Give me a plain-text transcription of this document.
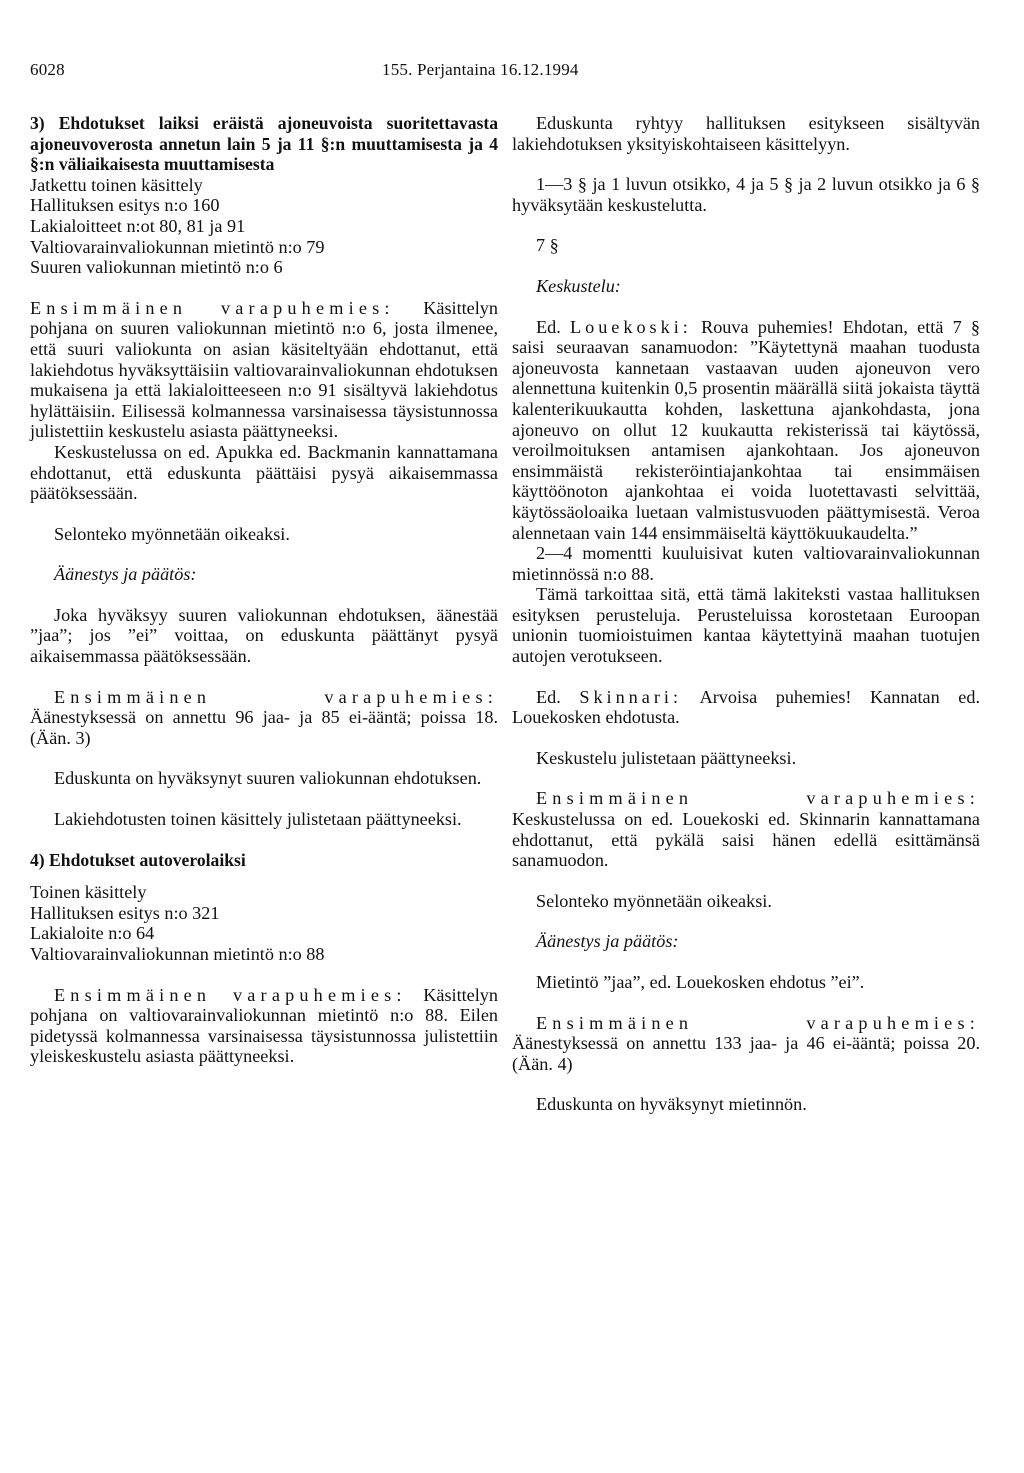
6028	155. Perjantaina 16.12.1994

3) Ehdotukset laiksi eräistä ajoneuvoista suoritettavasta ajoneuvoverosta annetun lain 5 ja 11 §:n muuttamisesta ja 4 §:n väliaikaisesta muuttamisesta

Jatkettu toinen käsittely

Hallituksen esitys n:o 160

Lakialoitteet n:ot 80, 81 ja 91

Valtiovarainvaliokunnan mietintö n:o 79

Suuren valiokunnan mietintö n:o 6

Ensimmäinen varapuhemies: Käsittelyn pohjana on suuren valiokunnan mietintö n:o 6, josta ilmenee, että suuri valiokunta on asian käsiteltyään ehdottanut, että lakiehdotus hyväksyttäisiin valtiovarainvaliokunnan ehdotuksen mukaisena ja että lakialoitteeseen n:o 91 sisältyvä lakiehdotus hylättäisiin. Eilisessä kolmannessa varsinaisessa täysistunnossa julistettiin keskustelu asiasta päättyneeksi.

Keskustelussa on ed. Apukka ed. Backmanin kannattamana ehdottanut, että eduskunta päättäisi pysyä aikaisemmassa päätöksessään.

Selonteko myönnetään oikeaksi.

Äänestys ja päätös:

Joka hyväksyy suuren valiokunnan ehdotuksen, äänestää ”jaa”; jos ”ei” voittaa, on eduskunta päättänyt pysyä aikaisemmassa päätöksessään.

Ensimmäinen varapuhemies: Äänestyksessä on annettu 96 jaa- ja 85 ei-ääntä; poissa 18. (Ään. 3)

Eduskunta on hyväksynyt suuren valiokunnan ehdotuksen.

Lakiehdotusten toinen käsittely julistetaan päättyneeksi.

4) Ehdotukset autoverolaiksi

Toinen käsittely

Hallituksen esitys n:o 321

Lakialoite n:o 64

Valtiovarainvaliokunnan mietintö n:o 88

Ensimmäinen varapuhemies: Käsittelyn pohjana on valtiovarainvaliokunnan mietintö n:o 88. Eilen pidetyssä kolmannessa varsinaisessa täysistunnossa julistettiin yleiskeskustelu asiasta päättyneeksi.

Eduskunta ryhtyy hallituksen esitykseen sisältyvän lakiehdotuksen yksityiskohtaiseen käsittelyyn.

1—3 § ja 1 luvun otsikko, 4 ja 5 § ja 2 luvun otsikko ja 6 § hyväksytään keskustelutta.

7 §

Keskustelu:

Ed. Louekoski: Rouva puhemies! Ehdotan, että 7 § saisi seuraavan sanamuodon: ”Käytettynä maahan tuodusta ajoneuvosta kannetaan vastaavan uuden ajoneuvon vero alennettuna kuitenkin 0,5 prosentin määrällä siitä jokaista täyttä kalenterikuukautta kohden, laskettuna ajankohdasta, jona ajoneuvo on ollut 12 kuukautta rekisterissä tai käytössä, veroilmoituksen antamisen ajankohtaan. Jos ajoneuvon ensimmäistä rekisteröintiajankohtaa tai ensimmäisen käyttöönoton ajankohtaa ei voida luotettavasti selvittää, käytössäoloaika luetaan valmistusvuoden päättymisestä. Veroa alennetaan vain 144 ensimmäiseltä käyttökuukaudelta.”

2—4 momentti kuuluisivat kuten valtiovarainvaliokunnan mietinnössä n:o 88.

Tämä tarkoittaa sitä, että tämä lakiteksti vastaa hallituksen esityksen perusteluja. Perusteluissa korostetaan Euroopan unionin tuomioistuimen kantaa käytettyinä maahan tuotujen autojen verotukseen.

Ed. Skinnari: Arvoisa puhemies! Kannatan ed. Louekosken ehdotusta.

Keskustelu julistetaan päättyneeksi.

Ensimmäinen varapuhemies: Keskustelussa on ed. Louekoski ed. Skinnarin kannattamana ehdottanut, että pykälä saisi hänen edellä esittämänsä sanamuodon.

Selonteko myönnetään oikeaksi.

Äänestys ja päätös:

Mietintö ”jaa”, ed. Louekosken ehdotus ”ei”.

Ensimmäinen varapuhemies: Äänestyksessä on annettu 133 jaa- ja 46 ei-ääntä; poissa 20. (Ään. 4)

Eduskunta on hyväksynyt mietinnön.
